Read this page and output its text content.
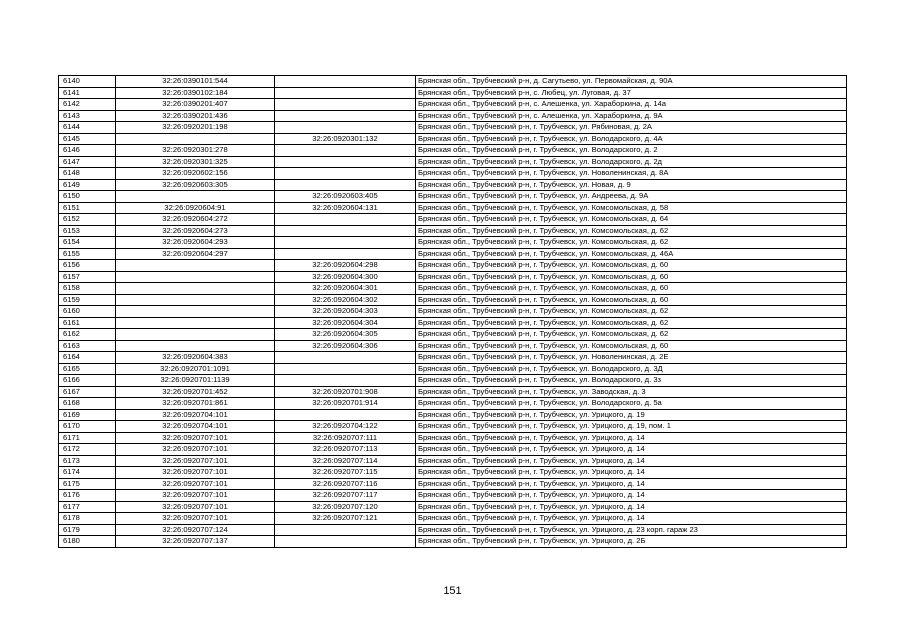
6140	32:26:0390101:544		Брянская обл., Трубчевский р-н, д. Сагутьево, ул. Первомайская, д. 90А
6141	32:26:0390102:184		Брянская обл., Трубчевский р-н, с. Любец, ул. Луговая, д. 37
6142	32:26:0390201:407		Брянская обл., Трубчевский р-н, с. Алешенка, ул. Хараборкина, д. 14а
6143	32:26:0390201:436		Брянская обл., Трубчевский р-н, с. Алешенка, ул. Хараборкина, д. 9А
6144	32:26:0920201:198		Брянская обл., Трубчевский р-н, г. Трубчевск, ул. Рябиновая, д. 2А
6145		32:26:0920301:132	Брянская обл., Трубчевский р-н, г. Трубчевск, ул. Володарского, д. 4А
6146	32:26:0920301:278		Брянская обл., Трубчевский р-н, г. Трубчевск, ул. Володарского, д. 2
6147	32:26:0920301:325		Брянская обл., Трубчевский р-н, г. Трубчевск, ул. Володарского, д. 2д
6148	32:26:0920602:156		Брянская обл., Трубчевский р-н, г. Трубчевск, ул. Новоленинская, д. 8А
6149	32:26:0920603:305		Брянская обл., Трубчевский р-н, г. Трубчевск, ул. Новая, д. 9
6150		32:26:0920603:405	Брянская обл., Трубчевский р-н, г. Трубчевск, ул. Андреева, д. 9А
6151	32:26:0920604:91	32:26:0920604:131	Брянская обл., Трубчевский р-н, г. Трубчевск, ул. Комсомольская, д. 58
6152	32:26:0920604:272		Брянская обл., Трубчевский р-н, г. Трубчевск, ул. Комсомольская, д. 64
6153	32:26:0920604:273		Брянская обл., Трубчевский р-н, г. Трубчевск, ул. Комсомольская, д. 62
6154	32:26:0920604:293		Брянская обл., Трубчевский р-н, г. Трубчевск, ул. Комсомольская, д. 62
6155	32:26:0920604:297		Брянская обл., Трубчевский р-н, г. Трубчевск, ул. Комсомольская, д. 46А
6156		32:26:0920604:298	Брянская обл., Трубчевский р-н, г. Трубчевск, ул. Комсомольская, д. 60
6157		32:26:0920604:300	Брянская обл., Трубчевский р-н, г. Трубчевск, ул. Комсомольская, д. 60
6158		32:26:0920604:301	Брянская обл., Трубчевский р-н, г. Трубчевск, ул. Комсомольская, д. 60
6159		32:26:0920604:302	Брянская обл., Трубчевский р-н, г. Трубчевск, ул. Комсомольская, д. 60
6160		32:26:0920604:303	Брянская обл., Трубчевский р-н, г. Трубчевск, ул. Комсомольская, д. 62
6161		32:26:0920604:304	Брянская обл., Трубчевский р-н, г. Трубчевск, ул. Комсомольская, д. 62
6162		32:26:0920604:305	Брянская обл., Трубчевский р-н, г. Трубчевск, ул. Комсомольская, д. 62
6163		32:26:0920604:306	Брянская обл., Трубчевский р-н, г. Трубчевск, ул. Комсомольская, д. 60
6164	32:26:0920604:383		Брянская обл., Трубчевский р-н, г. Трубчевск, ул. Новоленинская, д. 2Е
6165	32:26:0920701:1091		Брянская обл., Трубчевский р-н, г. Трубчевск, ул. Володарского, д. 3Д
6166	32:26:0920701:1139		Брянская обл., Трубчевский р-н, г. Трубчевск, ул. Володарского, д. 3з
6167	32:26:0920701:452	32:26:0920701:908	Брянская обл., Трубчевский р-н, г. Трубчевск, ул. Заводская, д. 3
6168	32:26:0920701:861	32:26:0920701:914	Брянская обл., Трубчевский р-н, г. Трубчевск, ул. Володарского, д. 5а
6169	32:26:0920704:101		Брянская обл., Трубчевский р-н, г. Трубчевск, ул. Урицкого, д. 19
6170	32:26:0920704:101	32:26:0920704:122	Брянская обл., Трубчевский р-н, г. Трубчевск, ул. Урицкого, д. 19, пом. 1
6171	32:26:0920707:101	32:26:0920707:111	Брянская обл., Трубчевский р-н, г. Трубчевск, ул. Урицкого, д. 14
6172	32:26:0920707:101	32:26:0920707:113	Брянская обл., Трубчевский р-н, г. Трубчевск, ул. Урицкого, д. 14
6173	32:26:0920707:101	32:26:0920707:114	Брянская обл., Трубчевский р-н, г. Трубчевск, ул. Урицкого, д. 14
6174	32:26:0920707:101	32:26:0920707:115	Брянская обл., Трубчевский р-н, г. Трубчевск, ул. Урицкого, д. 14
6175	32:26:0920707:101	32:26:0920707:116	Брянская обл., Трубчевский р-н, г. Трубчевск, ул. Урицкого, д. 14
6176	32:26:0920707:101	32:26:0920707:117	Брянская обл., Трубчевский р-н, г. Трубчевск, ул. Урицкого, д. 14
6177	32:26:0920707:101	32:26:0920707:120	Брянская обл., Трубчевский р-н, г. Трубчевск, ул. Урицкого, д. 14
6178	32:26:0920707:101	32:26:0920707:121	Брянская обл., Трубчевский р-н, г. Трубчевск, ул. Урицкого, д. 14
6179	32:26:0920707:124		Брянская обл., Трубчевский р-н, г. Трубчевск, ул. Урицкого, д. 23 корп. гараж 23
6180	32:26:0920707:137		Брянская обл., Трубчевский р-н, г. Трубчевск, ул. Урицкого, д. 2Б
151
